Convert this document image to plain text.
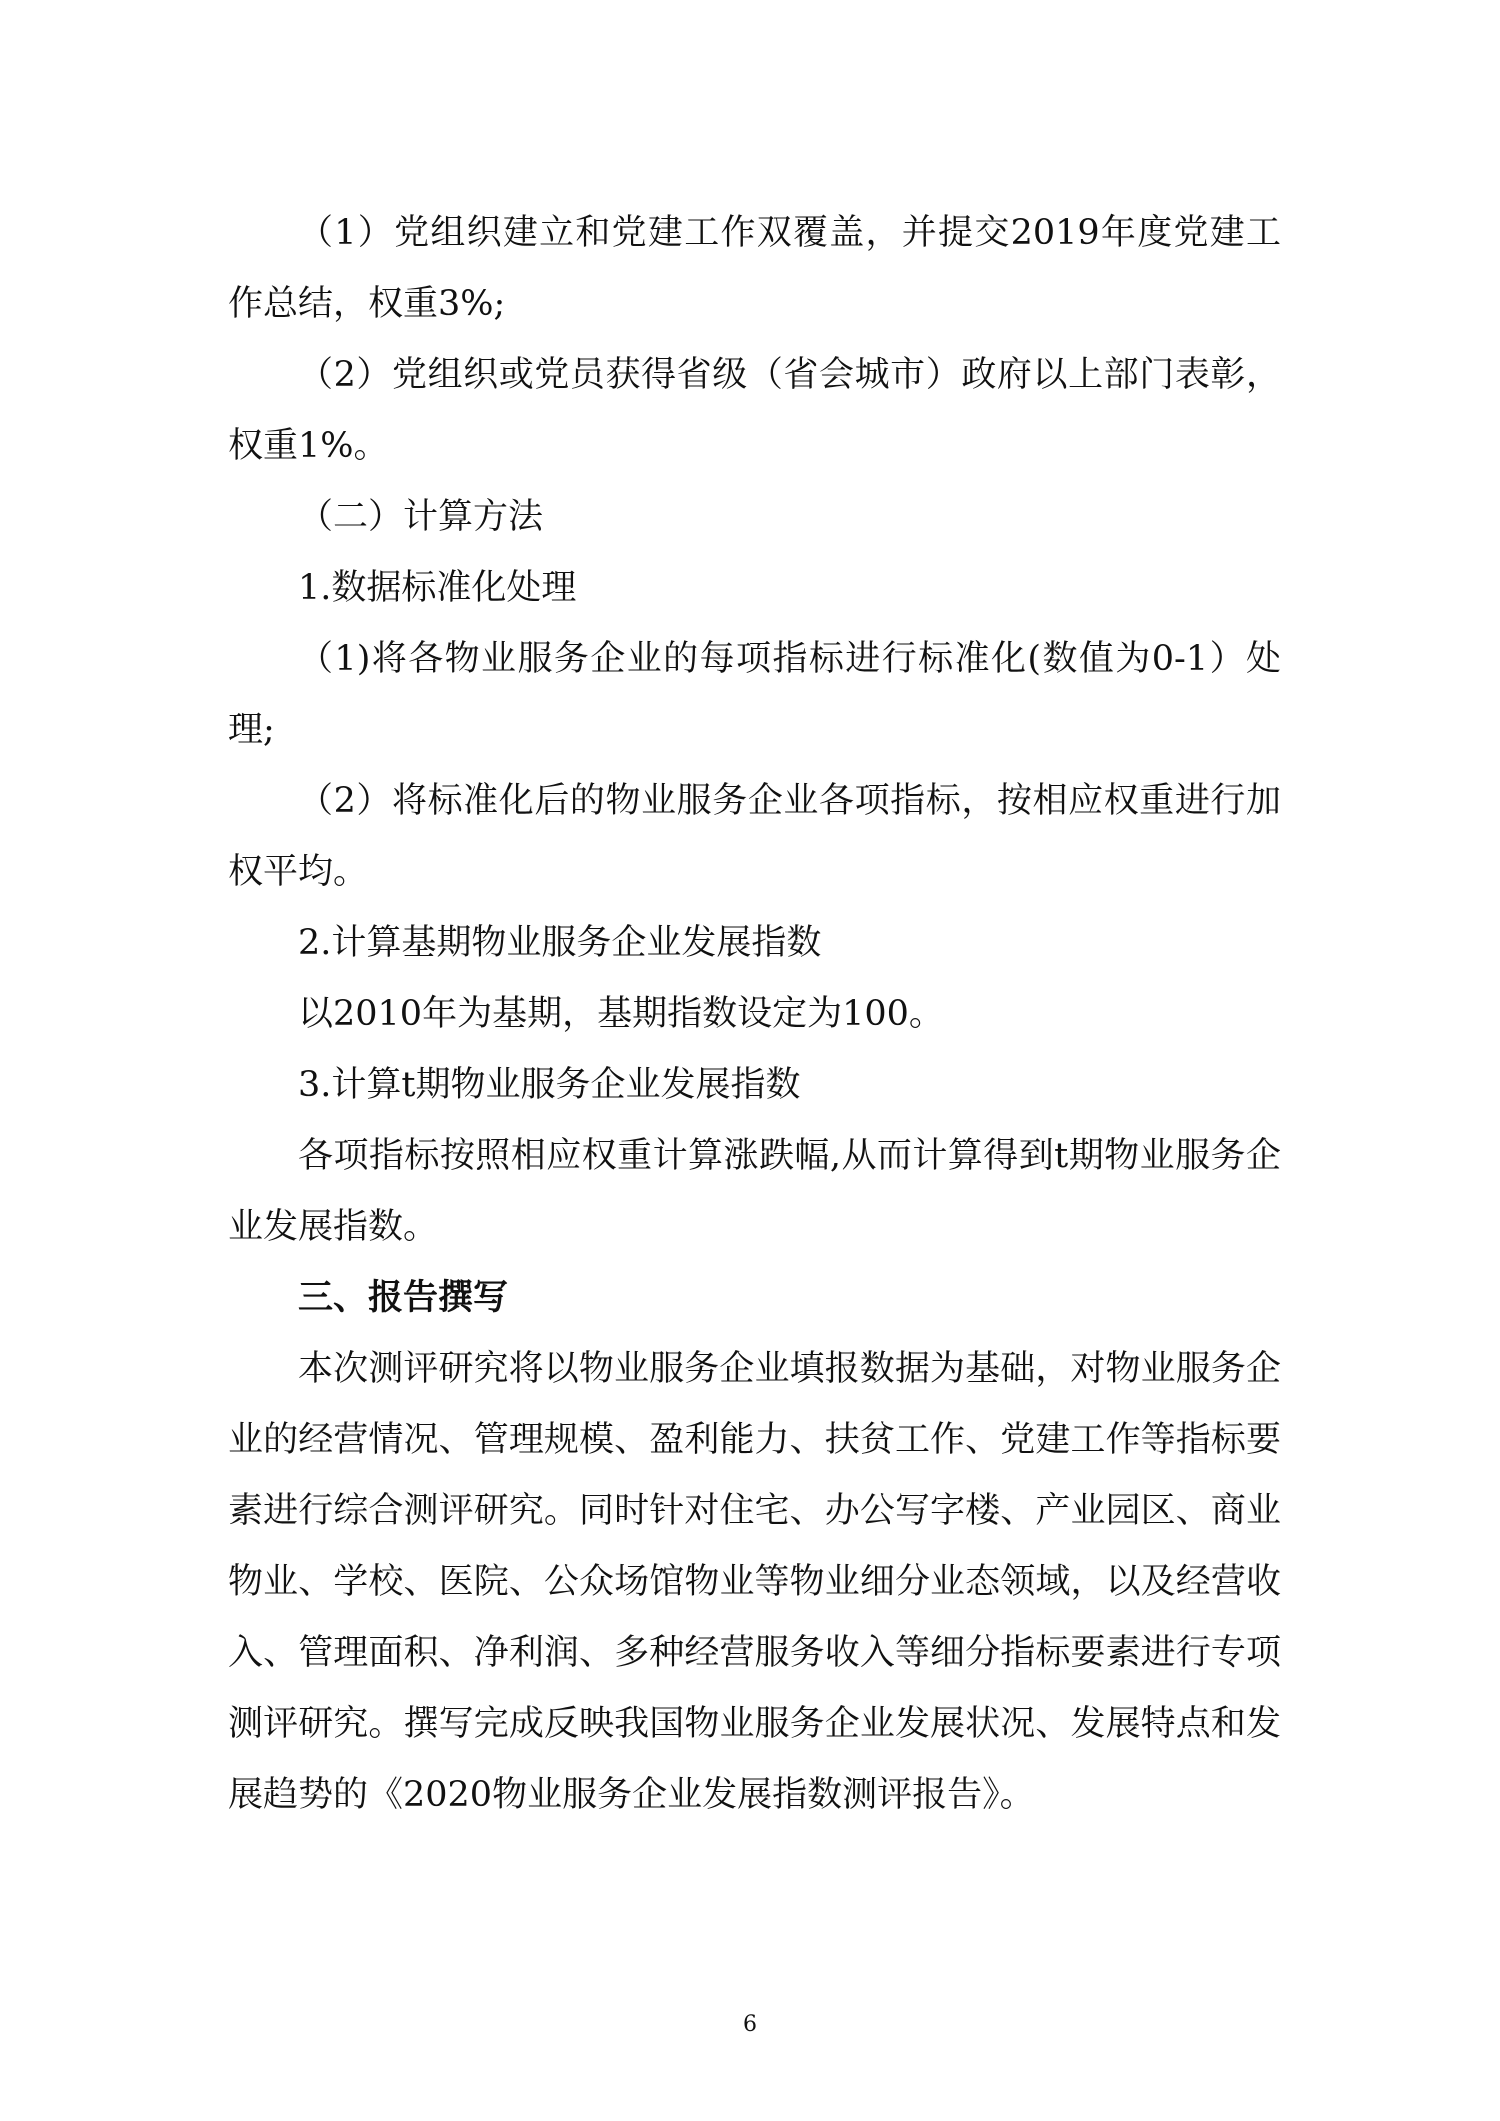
（1）党组织建立和党建工作双覆盖，并提交2019年度党建工作总结，权重3%;

（2）党组织或党员获得省级（省会城市）政府以上部门表彰，权重1%。

（二）计算方法

1.数据标准化处理

（1)将各物业服务企业的每项指标进行标准化(数值为0-1）处理;

（2）将标准化后的物业服务企业各项指标，按相应权重进行加权平均。

2.计算基期物业服务企业发展指数

以2010年为基期，基期指数设定为100。

3.计算t期物业服务企业发展指数

各项指标按照相应权重计算涨跌幅,从而计算得到t期物业服务企业发展指数。

三、报告撰写

本次测评研究将以物业服务企业填报数据为基础，对物业服务企业的经营情况、管理规模、盈利能力、扶贫工作、党建工作等指标要素进行综合测评研究。同时针对住宅、办公写字楼、产业园区、商业物业、学校、医院、公众场馆物业等物业细分业态领域，以及经营收入、管理面积、净利润、多种经营服务收入等细分指标要素进行专项测评研究。撰写完成反映我国物业服务企业发展状况、发展特点和发展趋势的《2020物业服务企业发展指数测评报告》。

6
